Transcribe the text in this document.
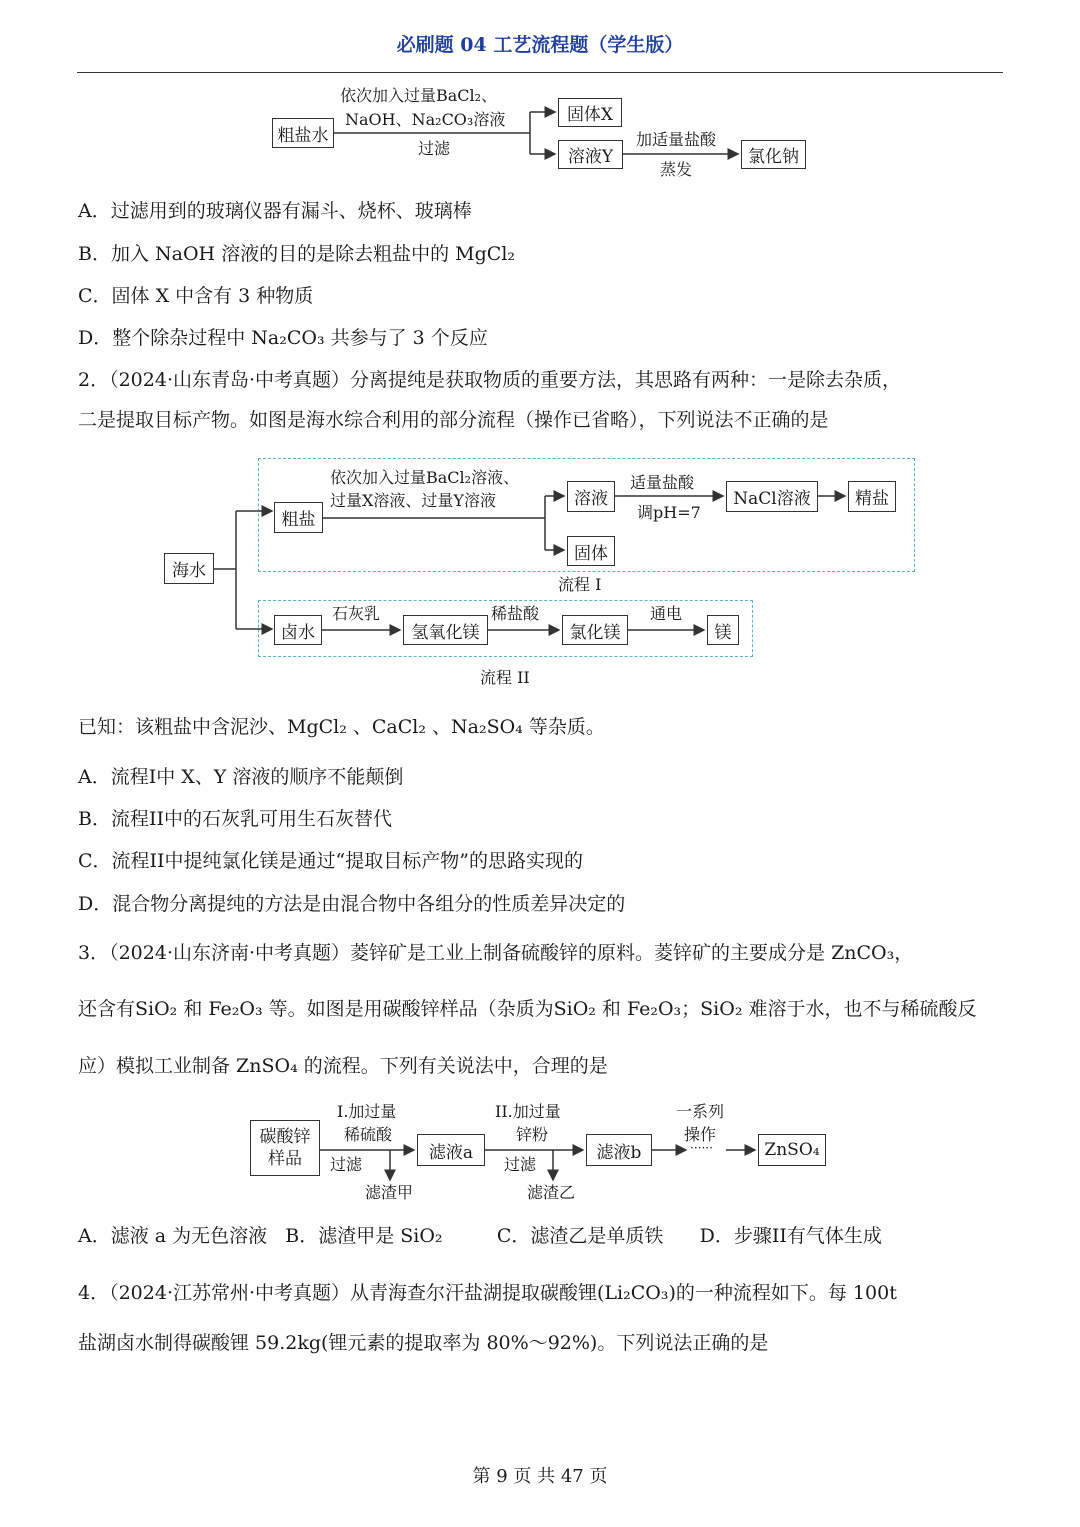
必刷题 04 工艺流程题（学生版）
粗盐水
依次加入过量BaCl₂、
NaOH、Na₂CO₃溶液
过滤
固体X
溶液Y
加适量盐酸
蒸发
氯化钠
A．过滤用到的玻璃仪器有漏斗、烧杯、玻璃棒
B．加入 NaOH 溶液的目的是除去粗盐中的 MgCl₂
C．固体 X 中含有 3 种物质
D．整个除杂过程中 Na₂CO₃ 共参与了 3 个反应
2．（2024·山东青岛·中考真题）分离提纯是获取物质的重要方法，其思路有两种：一是除去杂质，
二是提取目标产物。如图是海水综合利用的部分流程（操作已省略），下列说法不正确的是
海水
粗盐
依次加入过量BaCl₂溶液、
过量X溶液、过量Y溶液	溶液
适量盐酸
调pH=7
NaCl溶液	精盐
固体
流程 I
卤水
石灰乳
氢氧化镁
稀盐酸
氯化镁
通电
镁
流程 II
已知：该粗盐中含泥沙、MgCl₂ 、CaCl₂ 、Na₂SO₄ 等杂质。
A．流程I中 X、Y 溶液的顺序不能颠倒
B．流程II中的石灰乳可用生石灰替代
C．流程II中提纯氯化镁是通过“提取目标产物”的思路实现的
D．混合物分离提纯的方法是由混合物中各组分的性质差异决定的
3．（2024·山东济南·中考真题）菱锌矿是工业上制备硫酸锌的原料。菱锌矿的主要成分是 ZnCO₃，
还含有SiO₂ 和 Fe₂O₃ 等。如图是用碳酸锌样品（杂质为SiO₂ 和 Fe₂O₃；SiO₂ 难溶于水，也不与稀硫酸反
应）模拟工业制备 ZnSO₄ 的流程。下列有关说法中，合理的是
碳酸锌
样品
I.加过量
稀硫酸
过滤
滤液a
滤渣甲
II.加过量
锌粉
过滤
滤液b
滤渣乙
一系列
操作
······	ZnSO₄
A．滤液 a 为无色溶液   B．滤渣甲是 SiO₂         C．滤渣乙是单质铁      D．步骤II有气体生成
4．（2024·江苏常州·中考真题）从青海查尔汗盐湖提取碳酸锂(Li₂CO₃)的一种流程如下。每 100t
盐湖卤水制得碳酸锂 59.2kg(锂元素的提取率为 80%～92%)。下列说法正确的是
第 9 页 共 47 页
